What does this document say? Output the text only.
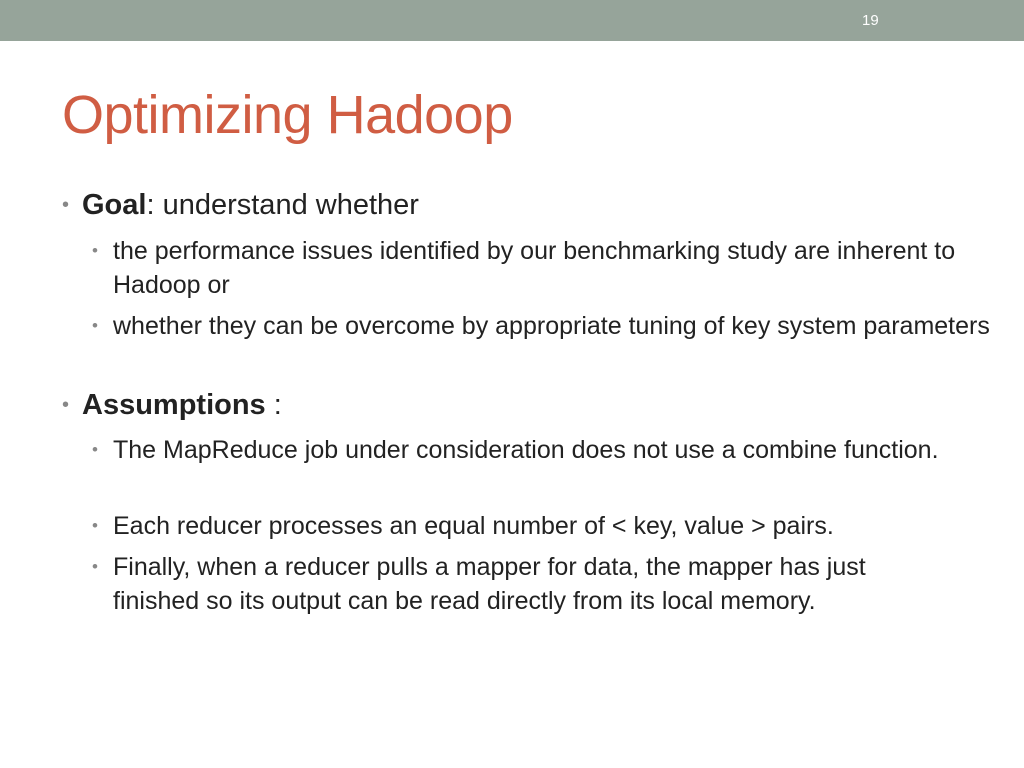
19
Optimizing Hadoop
• Goal: understand whether
• the performance issues identified by our benchmarking study are inherent to Hadoop or
• whether they can be overcome by appropriate tuning of key system parameters
• Assumptions :
• The MapReduce job under consideration does not use a combine function.
• Each reducer processes an equal number of < key, value > pairs.
• Finally, when a reducer pulls a mapper for data, the mapper has just finished so its output can be read directly from its local memory.
